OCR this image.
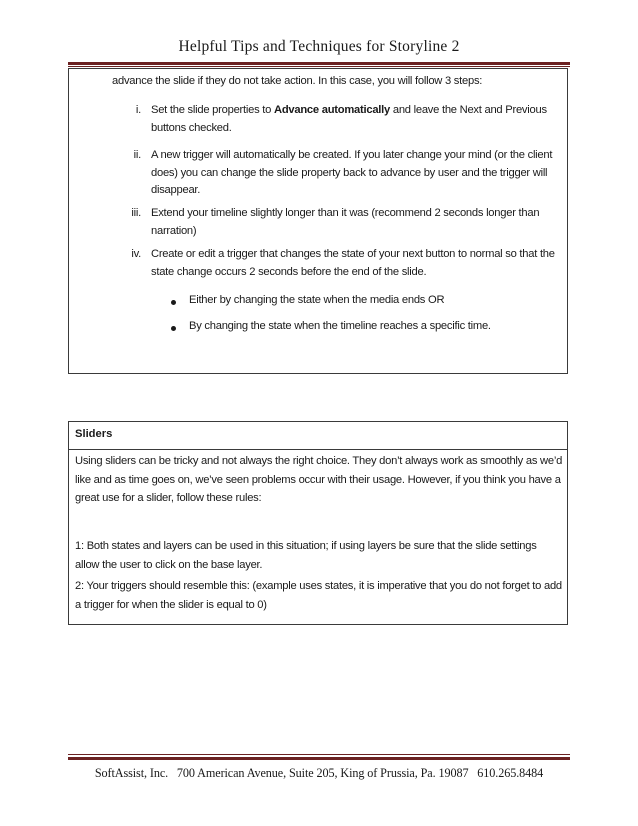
Helpful Tips and Techniques for Storyline 2
advance the slide if they do not take action. In this case, you will follow 3 steps:
i. Set the slide properties to Advance automatically and leave the Next and Previous buttons checked.
ii. A new trigger will automatically be created. If you later change your mind (or the client does) you can change the slide property back to advance by user and the trigger will disappear.
iii. Extend your timeline slightly longer than it was (recommend 2 seconds longer than narration)
iv. Create or edit a trigger that changes the state of your next button to normal so that the state change occurs 2 seconds before the end of the slide.
Either by changing the state when the media ends OR
By changing the state when the timeline reaches a specific time.
Sliders
Using sliders can be tricky and not always the right choice. They don’t always work as smoothly as we’d like and as time goes on, we’ve seen problems occur with their usage. However, if you think you have a great use for a slider, follow these rules:
1: Both states and layers can be used in this situation; if using layers be sure that the slide settings allow the user to click on the base layer.
2: Your triggers should resemble this: (example uses states, it is imperative that you do not forget to add a trigger for when the slider is equal to 0)
SoftAssist, Inc.   700 American Avenue, Suite 205, King of Prussia, Pa. 19087   610.265.8484
